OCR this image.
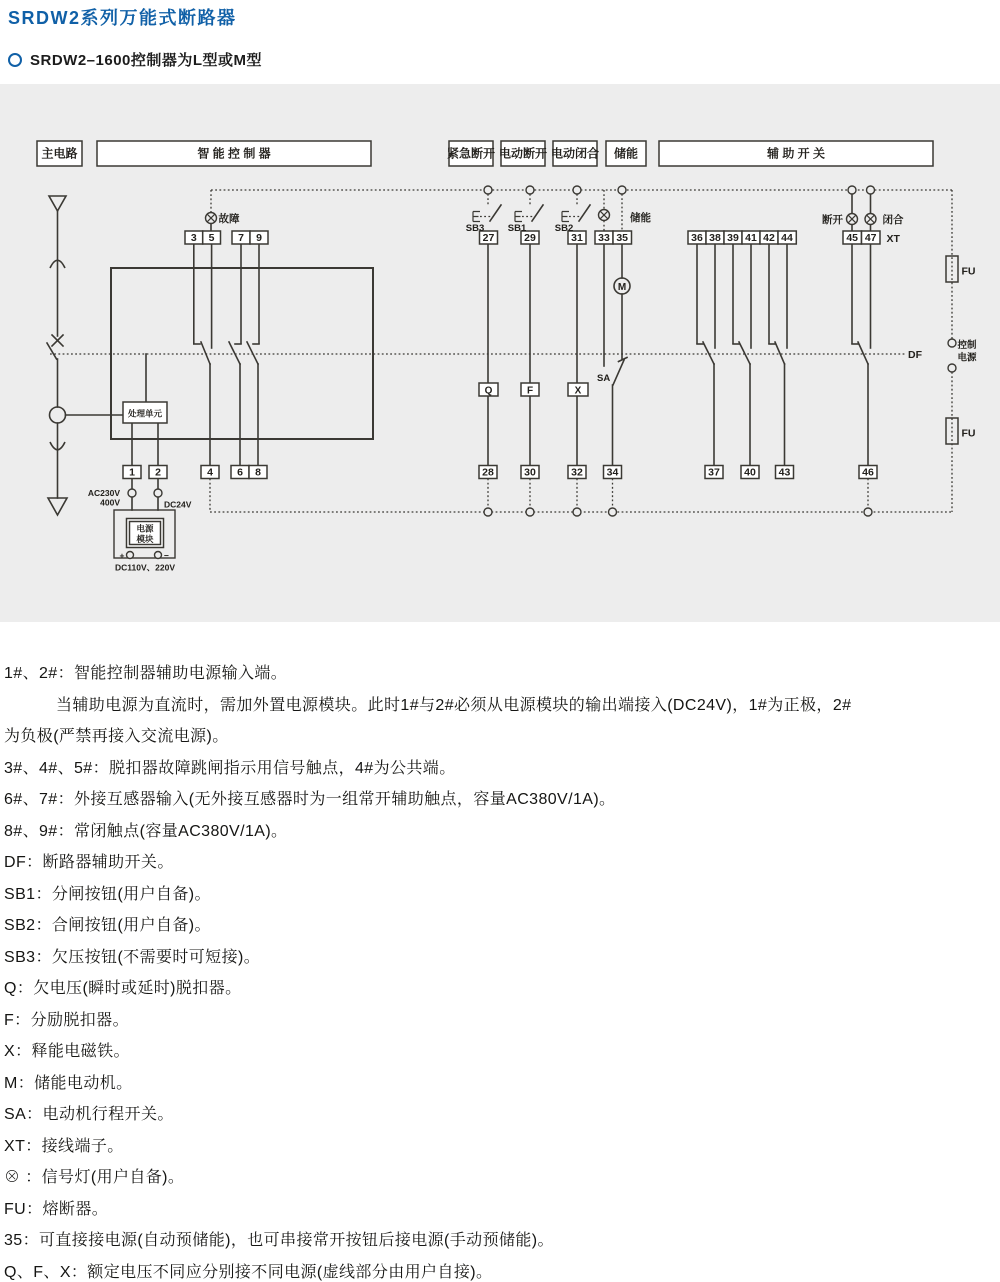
SRDW2系列万能式断路器
SRDW2–1600控制器为L型或M型
M
主电路	智 能 控 制 器	紧急断开 电动断开 电动闭合 储能	辅 助 开 关
3 5 7 9	27	29	31 33 35	36 38 39 41 42 44	45 47
1 2	4 6 8	28	30	32 34	37 40 43	46
Q	F	X
处理单元
电源
模块
+	−
故障	储能	断开	闭合
XT
DF
SA
SB3 SB1	SB2
FU
FU
控制
电源
AC230V
400V	DC24V
DC110V、220V
1#、2#：智能控制器辅助电源输入端。
当辅助电源为直流时，需加外置电源模块。此时1#与2#必须从电源模块的输出端接入(DC24V)，1#为正极，2#
为负极(严禁再接入交流电源)。
3#、4#、5#：脱扣器故障跳闸指示用信号触点，4#为公共端。
6#、7#：外接互感器输入(无外接互感器时为一组常开辅助触点，容量AC380V/1A)。
8#、9#：常闭触点(容量AC380V/1A)。
DF：断路器辅助开关。
SB1：分闸按钮(用户自备)。
SB2：合闸按钮(用户自备)。
SB3：欠压按钮(不需要时可短接)。
Q：欠电压(瞬时或延时)脱扣器。
F：分励脱扣器。
X：释能电磁铁。
M：储能电动机。
SA：电动机行程开关。
XT：接线端子。
⊗ ：信号灯(用户自备)。
FU：熔断器。
35：可直接接电源(自动预储能)，也可串接常开按钮后接电源(手动预储能)。
Q、F、X：额定电压不同应分别接不同电源(虚线部分由用户自接)。
